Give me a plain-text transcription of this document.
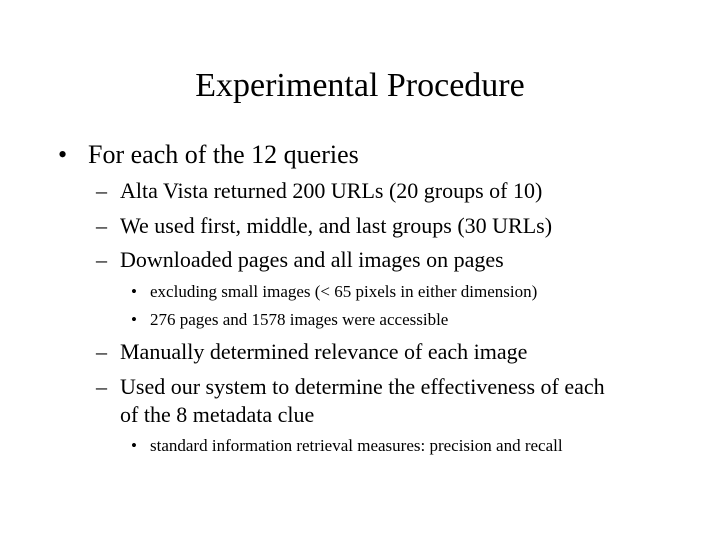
Experimental Procedure
• For each of the 12 queries
– Alta Vista returned 200 URLs (20 groups of 10)
– We used first, middle, and last groups (30 URLs)
– Downloaded pages and all images on pages
• excluding small images (< 65 pixels in either dimension)
• 276 pages and 1578 images were accessible
– Manually determined relevance of each image
– Used our system to determine the effectiveness of each
of the 8 metadata clue
• standard information retrieval measures: precision and recall
